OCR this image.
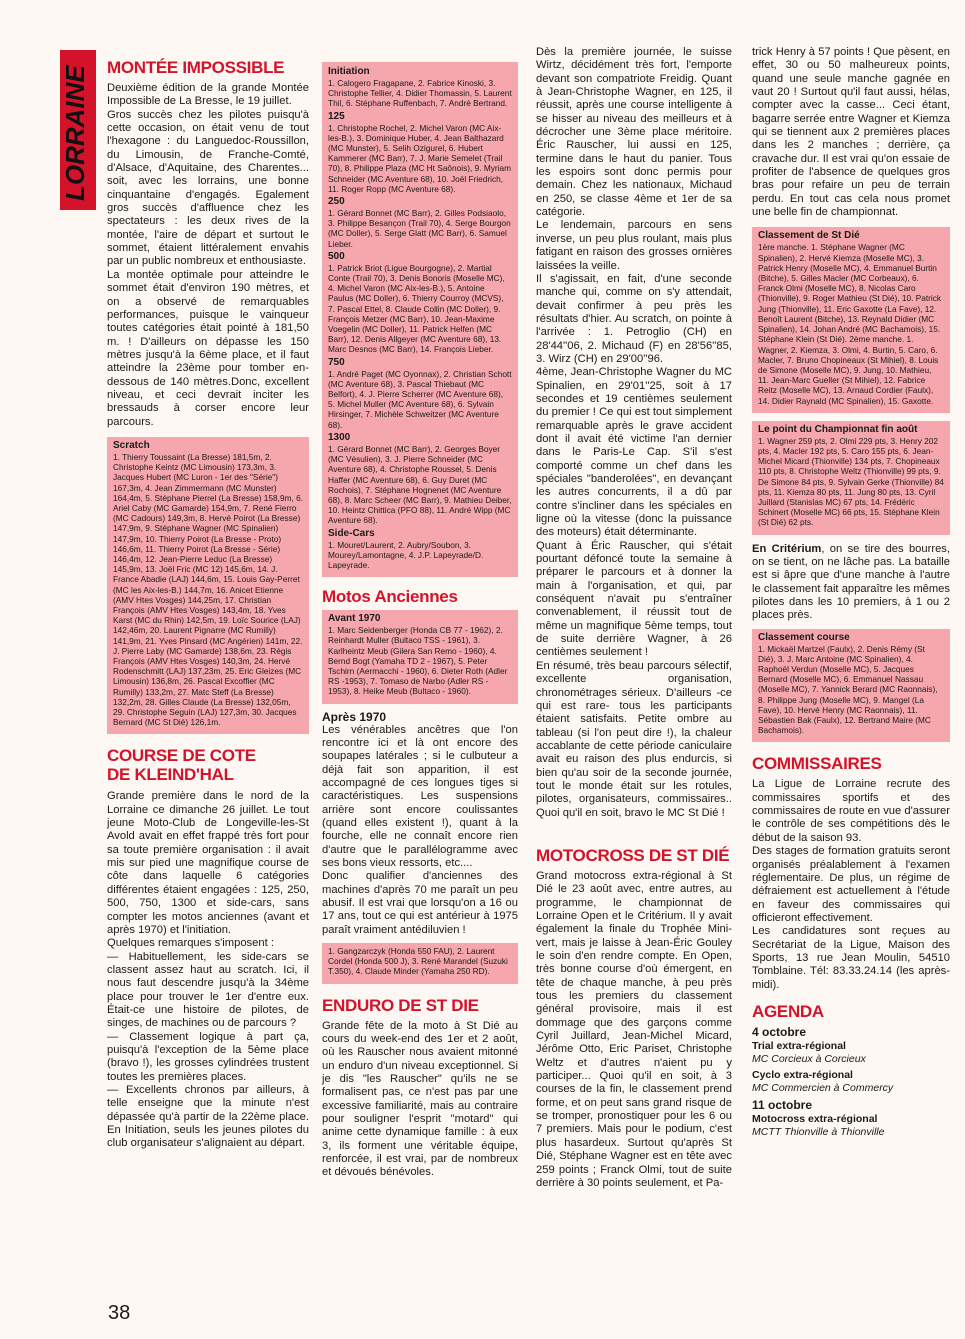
LORRAINE	MONTÉE IMPOSSIBLE

Deuxième édition de la grande Montée Impossible de La Bresse, le 19 juillet.

Gros succès chez les pilotes puisqu'à cette occasion, on était venu de tout l'hexagone : du Languedoc-Roussillon, du Limousin, de Franche-Comté, d'Alsace, d'Aquitaine, des Charentes... soit, avec les lorrains, une bonne cinquantaine d'engagés. Egalement gros succès d'affluence chez les spectateurs : les deux rives de la montée, l'aire de départ et surtout le sommet, étaient littéralement envahis par un public nombreux et enthousiaste.

La montée optimale pour atteindre le sommet était d'environ 190 mètres, et on a observé de remarquables performances, puisque le vainqueur toutes catégories était pointé à 181,50 m. ! D'ailleurs on dépasse les 150 mètres jusqu'à la 6ème place, et il faut atteindre la 23ème pour tomber en-dessous de 140 mètres.Donc, excellent niveau, et ceci devrait inciter les bressauds à corser encore leur parcours.

Scratch

1. Thierry Toussaint (La Bresse) 181,5m, 2. Christophe Keintz (MC Limousin) 173,3m, 3. Jacques Hubert (MC Luron - 1er des "Série") 167,3m, 4. Jean Zimmermann (MC Munster) 164,4m, 5. Stéphane Pierrel (La Bresse) 158,9m, 6. Ariel Caby (MC Gamarde) 154,9m, 7. René Fierro (MC Cadours) 149,3m, 8. Hervé Poirot (La Bresse) 147,9m, 9. Stéphane Wagner (MC Spinalien) 147,9m, 10. Thierry Poirot (La Bresse - Proto) 146,6m, 11. Thierry Poirot (La Bresse - Série) 146,4m, 12. Jean-Pierre Leduc (La Bresse) 145,9m, 13. Joël Fric (MC 12) 145,6m, 14. J. France Abadie (LAJ) 144,6m, 15. Louis Gay-Perret (MC les Aix-les-B.) 144,7m, 16. Anicet Etienne (AMV Htes Vosges) 144,25m, 17. Christian François (AMV Htes Vosges) 143,4m, 18. Yves Karst (MC du Rhin) 142,5m, 19. Loïc Sourice (LAJ) 142,46m, 20. Laurent Pignarre (MC Rumilly) 141,9m, 21. Yves Pinsard (MC Angérien) 141m, 22. J. Pierre Laby (MC Gamarde) 138,6m, 23. Régis François (AMV Htes Vosges) 140,3m, 24. Hervé Rodenschmitt (LAJ) 137,23m, 25. Eric Gleizes (MC Limousin) 136,8m, 26. Pascal Excoffier (MC Rumilly) 133,2m, 27. Matc Steff (La Bresse) 132,2m, 28. Gilles Claude (La Bresse) 132,05m, 29. Christophe Seguin (LAJ) 127,3m, 30. Jacques Bernard (MC St Dié) 126,1m.

COURSE DE COTE
DE KLEIND'HAL

Grande première dans le nord de la Lorraine ce dimanche 26 juillet. Le tout jeune Moto-Club de Longeville-les-St Avold avait en effet frappé très fort pour sa toute première organisation : il avait mis sur pied une magnifique course de côte dans laquelle 6 catégories différentes étaient engagées : 125, 250, 500, 750, 1300 et side-cars, sans compter les motos anciennes (avant et après 1970) et l'initiation.

Quelques remarques s'imposent :

— Habituellement, les side-cars se classent assez haut au scratch. Ici, il nous faut descendre jusqu'à la 34ème place pour trouver le 1er d'entre eux. Était-ce une histoire de pilotes, de singes, de machines ou de parcours ?

— Classement logique à part ça, puisqu'à l'exception de la 5ème place (bravo !), les grosses cylindrées trustent toutes les premières places.

— Excellents chronos par ailleurs, à telle enseigne que la minute n'est dépassée qu'à partir de la 22ème place. En Initiation, seuls les jeunes pilotes du club organisateur s'alignaient au départ.

Initiation

1. Calogero Fragapane, 2. Fabrice Kinoski, 3. Christophe Tellier, 4. Didier Thomassin, 5. Laurent Thil, 6. Stéphane Ruffenbach, 7. André Bertrand.

125

1. Christophe Rochel, 2. Michel Varon (MC Aix-les-B.), 3. Dominique Huber, 4. Jean Balthazard (MC Munster), 5. Selih Ozigurel, 6. Hubert Kammerer (MC Barr), 7. J. Marie Semelet (Trail 70), 8. Philippe Plaza (MC Ht Saônois), 9. Myriam Schneider (MC Aventure 68), 10. Joël Friedrich, 11. Roger Ropp (MC Aventure 68).

250

1. Gérard Bonnet (MC Barr), 2. Gilles Podsiaolo, 3. Philippe Besançon (Trail 70), 4. Serge Bourgon (MC Doller), 5. Serge Glatt (MC Barr), 6. Samuel Lieber.

500

1. Patrick Briot (Ligue Bourgogne), 2. Martial Conte (Trail 70), 3. Denis Bonoris (Moselle MC), 4. Michel Varon (MC Aix-les-B.), 5. Antoine Paulus (MC Doller), 6. Thierry Courroy (MCVS), 7. Pascal Ettel, 8. Claude Collin (MC Doller), 9. François Metzer (MC Barr), 10. Jean-Maxime Voegelin (MC Doller), 11. Patrick Helfen (MC Barr), 12. Denis Allgeyer (MC Aventure 68), 13. Marc Desnos (MC Barr), 14. François Lieber.

750

1. André Paget (MC Oyonnax), 2. Christian Schott (MC Aventure 68), 3. Pascal Thiebaut (MC Belfort), 4. J. Pierre Scherrer (MC Aventure 68), 5. Michel Muller (MC Aventure 68), 6. Sylvain Hirsinger, 7. Michèle Schweitzer (MC Aventure 68).

1300

1. Gérard Bonnet (MC Barr), 2. Georges Boyer (MC Vésulien), 3. J. Pierre Schneider (MC Aventure 68), 4. Christophe Roussel, 5. Denis Haffer (MC Aventure 68), 6. Guy Duret (MC Rochois), 7. Stéphane Hognenet (MC Aventure 68), 8. Marc Scheer (MC Barr), 9. Mathieu Deiber, 10. Heintz Chittica (PFO 88), 11. André Wipp (MC Aventure 68).

Side-Cars

1. Mouret/Laurent, 2. Aubry/Soubon, 3. Mourey/Lamontagne, 4. J.P. Lapeyrade/D. Lapeyrade.

Motos Anciennes
Avant 1970

1. Marc Seidenberger (Honda CB 77 - 1962), 2. Reinhardt Muller (Bultaco TSS - 1961), 3. Karlheintz Meub (Gilera San Remo - 1960), 4. Bernd Bogt (Yamaha TD 2 - 1967), 5. Peter Tschirn (Aermacchi - 1960), 6. Dieter Roth (Adler RS -1953), 7. Tomaso de Narbo (Adler RS - 1953), 8. Heike Meub (Bultaco - 1960).

Après 1970

Les vénérables ancêtres que l'on rencontre ici et là ont encore des soupapes latérales ; si le culbuteur a déjà fait son apparition, il est accompagné de ces longues tiges si caractéristiques. Les suspensions arrière sont encore coulissantes (quand elles existent !), quant à la fourche, elle ne connaît encore rien d'autre que le parallélogramme avec ses bons vieux ressorts, etc....

Donc qualifier d'anciennes des machines d'après 70 me paraît un peu abusif. Il est vrai que lorsqu'on a 16 ou 17 ans, tout ce qui est antérieur à 1975 paraît vraiment antédiluvien !

1. Gangzarczyk (Honda 550 FAU), 2. Laurent Cordel (Honda 500 J), 3. René Marandel (Suzuki T.350), 4. Claude Minder (Yamaha 250 RD).

ENDURO DE ST DIE

Grande fête de la moto à St Dié au cours du week-end des 1er et 2 août, où les Rauscher nous avaient mitonné un enduro d'un niveau exceptionnel. Si je dis "les Rauscher" qu'ils ne se formalisent pas, ce n'est pas par une excessive familiarité, mais au contraire pour souligner l'esprit "motard" qui anime cette dynamique famille : à eux 3, ils forment une véritable équipe, renforcée, il est vrai, par de nombreux et dévoués bénévoles.

Dès la première journée, le suisse Wirtz, décidément très fort, l'emporte devant son compatriote Freidig. Quant à Jean-Christophe Wagner, en 125, il réussit, après une course intelligente à se hisser au niveau des meilleurs et à décrocher une 3ème place méritoire. Éric Rauscher, lui aussi en 125, termine dans le haut du panier. Tous les espoirs sont donc permis pour demain. Chez les nationaux, Michaud en 250, se classe 4ème et 1er de sa catégorie.

Le lendemain, parcours en sens inverse, un peu plus roulant, mais plus fatigant en raison des grosses ornières laissées la veille.

Il s'agissait, en fait, d'une seconde manche qui, comme on s'y attendait, devait confirmer à peu près les résultats d'hier. Au scratch, on pointe à l'arrivée : 1. Petroglio (CH) en 28'44''06, 2. Michaud (F) en 28'56''85, 3. Wirz (CH) en 29'00''96.

4ème, Jean-Christophe Wagner du MC Spinalien, en 29'01''25, soit à 17 secondes et 19 centièmes seulement du premier ! Ce qui est tout simplement remarquable après le grave accident dont il avait été victime l'an dernier dans le Paris-Le Cap. S'il s'est comporté comme un chef dans les spéciales "banderolées", en devançant les autres concurrents, il a dû par contre s'incliner dans les spéciales en ligne où la vitesse (donc la puissance des moteurs) était déterminante.

Quant à Éric Rauscher, qui s'était pourtant défoncé toute la semaine à préparer le parcours et à donner la main à l'organisation, et qui, par conséquent n'avait pu s'entraîner convenablement, il réussit tout de même un magnifique 5ème temps, tout de suite derrière Wagner, à 26 centièmes seulement !

En résumé, très beau parcours sélectif, excellente organisation, chronométrages sérieux. D'ailleurs -ce qui est rare- tous les participants étaient satisfaits. Petite ombre au tableau (si l'on peut dire !), la chaleur accablante de cette période caniculaire avait eu raison des plus endurcis, si bien qu'au soir de la seconde journée, tout le monde était sur les rotules, pilotes, organisateurs, commissaires.. Quoi qu'il en soit, bravo le MC St Dié !

MOTOCROSS DE ST DIÉ

Grand motocross extra-régional à St Dié le 23 août avec, entre autres, au programme, le championnat de Lorraine Open et le Critérium. Il y avait également la finale du Trophée Mini-vert, mais je laisse à Jean-Éric Gouley le soin d'en rendre compte. En Open, très bonne course d'où émergent, en tête de chaque manche, à peu près tous les premiers du classement général provisoire, mais il est dommage que des garçons comme Cyril Juillard, Jean-Michel Micard, Jérôme Otto, Eric Pariset, Christophe Weltz et d'autres n'aient pu y participer... Quoi qu'il en soit, à 3 courses de la fin, le classement prend forme, et on peut sans grand risque de se tromper, pronostiquer pour les 6 ou 7 premiers. Mais pour le podium, c'est plus hasardeux. Surtout qu'après St Dié, Stéphane Wagner est en tête avec 259 points ; Franck Olmi, tout de suite derrière à 30 points seulement, et Pa-

trick Henry à 57 points ! Que pèsent, en effet, 30 ou 50 malheureux points, quand une seule manche gagnée en vaut 20 ! Surtout qu'il faut aussi, hélas, compter avec la casse... Ceci étant, bagarre serrée entre Wagner et Kiemza qui se tiennent aux 2 premières places dans les 2 manches ; derrière, ça cravache dur. Il est vrai qu'on essaie de profiter de l'absence de quelques gros bras pour refaire un peu de terrain perdu. En tout cas cela nous promet une belle fin de championnat.

Classement de St Dié

1ère manche. 1. Stéphane Wagner (MC Spinalien), 2. Hervé Kiemza (Moselle MC), 3. Patrick Henry (Moselle MC), 4. Emmanuel Burtin (Bitche), 5. Gilles Macler (MC Corbeaux), 6. Franck Olmi (Moselle MC), 8. Nicolas Caro (Thionville), 9. Roger Mathieu (St Dié), 10. Patrick Jung (Thionville), 11. Eric Gaxotte (La Fave), 12. Benoît Laurent (Bitche), 13. Reynald Didier (MC Spinalien), 14. Johan André (MC Bachamois), 15. Stéphane Klein (St Dié). 2ème manche. 1. Wagner, 2. Kiemza, 3. Olmi, 4. Burtin, 5. Caro, 6. Macler, 7. Bruno Chopineaux (St Mihiel), 8. Louis de Simone (Moselle MC), 9. Jung, 10. Mathieu, 11. Jean-Marc Gueller (St Mihiel), 12. Fabrice Reitz (Moselle MC), 13. Arnaud Cordier (Faulx), 14. Didier Raynald (MC Spinalien), 15. Gaxotte.

Le point du Championnat fin août

1. Wagner 259 pts, 2. Olmi 229 pts, 3. Henry 202 pts, 4. Macler 192 pts, 5. Caro 155 pts, 6. Jean-Michel Micard (Thionville) 134 pts, 7. Chopineaux 110 pts, 8. Christophe Weltz (Thionville) 99 pts, 9. De Simone 84 pts, 9. Sylvain Gerke (Thionville) 84 pts, 11. Kiemza 80 pts, 11. Jung 80 pts, 13. Cyril Juillard (Stanislas MC) 67 pts, 14. Frédéric Schinert (Moselle MC) 66 pts, 15. Stéphane Klein (St Dié) 62 pts.

En Critérium, on se tire des bourres, on se tient, on ne lâche pas. La bataille est si âpre que d'une manche à l'autre le classement fait apparaître les mêmes pilotes dans les 10 premiers, à 1 ou 2 places près.

Classement course

1. Mickaël Martzel (Faulx), 2. Denis Rémy (St Dié), 3. J. Marc Antoine (MC Spinalien), 4. Raphoël Verdun (Moselle MC), 5. Jacques Bernard (Moselle MC), 6. Emmanuel Nassau (Moselle MC), 7. Yannick Berard (MC Raonnais), 8. Philippe Jung (Moselle MC), 9. Mangel (La Fave), 10. Hervé Henry (MC Raonnais), 11. Sébastien Bak (Faulx), 12. Bertrand Maire (MC Bachamois).

COMMISSAIRES

La Ligue de Lorraine recrute des commissaires sportifs et des commissaires de route en vue d'assurer le contrôle de ses compétitions dès le début de la saison 93.

Des stages de formation gratuits seront organisés préalablement à l'examen réglementaire. De plus, un régime de défraiement est actuellement à l'étude en faveur des commissaires qui officieront effectivement.

Les candidatures sont reçues au Secrétariat de la Ligue, Maison des Sports, 13 rue Jean Moulin, 54510 Tomblaine. Tél: 83.33.24.14 (les après-midi).

AGENDA
4 octobre
Trial extra-régional
MC Corcieux à Corcieux
Cyclo extra-régional
MC Commercien à Commercy
11 octobre
Motocross extra-régional
MCTT Thionville à Thionville
38
